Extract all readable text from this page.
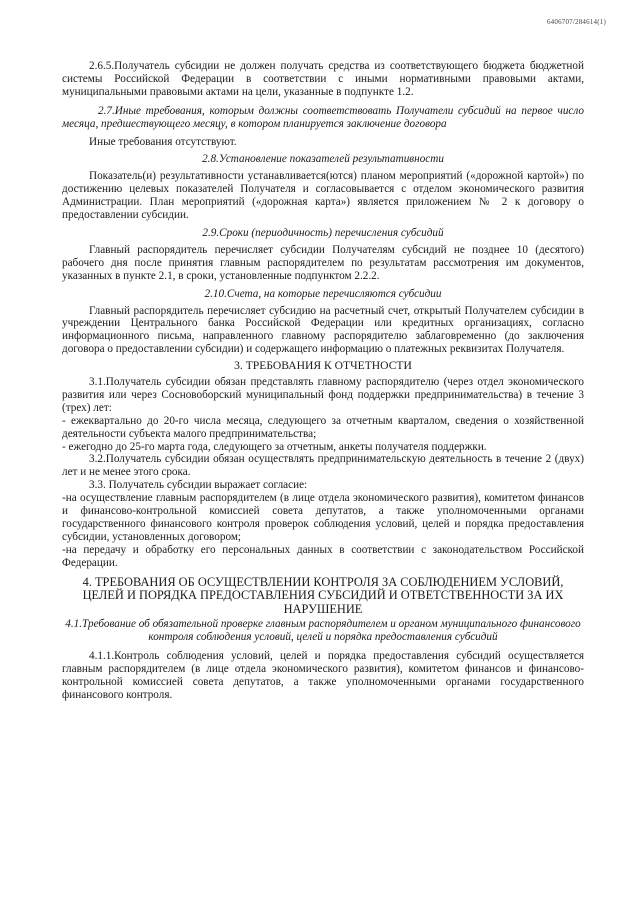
6406707/284614(1)

2.6.5.Получатель субсидии не должен получать средства из соответствующего бюджета бюджетной системы Российской Федерации в соответствии с иными нормативными правовыми актами, муниципальными правовыми актами на цели, указанные в подпункте 1.2.

2.7.Иные требования, которым должны соответствовать Получатели субсидий на первое число месяца, предшествующего месяцу, в котором планируется заключение договора

Иные требования отсутствуют.

2.8.Установление показателей результативности

Показатель(и) результативности устанавливается(ются) планом мероприятий («дорожной картой») по достижению целевых показателей Получателя и согласовывается с отделом экономического развития Администрации. План мероприятий («дорожная карта») является приложением № 2 к договору о предоставлении субсидии.

2.9.Сроки (периодичность) перечисления субсидий

Главный распорядитель перечисляет субсидии Получателям субсидий не позднее 10 (десятого) рабочего дня после принятия главным распорядителем по результатам рассмотрения им документов, указанных в пункте 2.1, в сроки, установленные подпунктом 2.2.2.

2.10.Счета, на которые перечисляются субсидии

Главный распорядитель перечисляет субсидию на расчетный счет, открытый Получателем субсидии в учреждении Центрального банка Российской Федерации или кредитных организациях, согласно информационного письма, направленного главному распорядителю заблаговременно (до заключения договора о предоставлении субсидии) и содержащего информацию о платежных реквизитах Получателя.

3. ТРЕБОВАНИЯ К ОТЧЕТНОСТИ

3.1.Получатель субсидии обязан представлять главному распорядителю (через отдел экономического развития или через Сосновоборский муниципальный фонд поддержки предпринимательства) в течение 3 (трех) лет:

- ежеквартально до 20-го числа месяца, следующего за отчетным кварталом, сведения о хозяйственной деятельности субъекта малого предпринимательства;

- ежегодно до 25-го марта года, следующего за отчетным, анкеты получателя поддержки.

3.2.Получатель субсидии обязан осуществлять предпринимательскую деятельность в течение 2 (двух) лет и не менее этого срока.

3.3. Получатель субсидии выражает согласие:

-на осуществление главным распорядителем (в лице отдела экономического развития), комитетом финансов и финансово-контрольной комиссией совета депутатов, а также уполномоченными органами государственного финансового контроля проверок соблюдения условий, целей и порядка предоставления субсидии, установленных договором;

-на передачу и обработку его персональных данных в соответствии с законодательством Российской Федерации.

4. ТРЕБОВАНИЯ ОБ ОСУЩЕСТВЛЕНИИ КОНТРОЛЯ ЗА СОБЛЮДЕНИЕМ УСЛОВИЙ, ЦЕЛЕЙ И ПОРЯДКА ПРЕДОСТАВЛЕНИЯ СУБСИДИЙ И ОТВЕТСТВЕННОСТИ ЗА ИХ НАРУШЕНИЕ

4.1.Требование об обязательной проверке главным распорядителем и органом муниципального финансового контроля соблюдения условий, целей и порядка предоставления субсидий

4.1.1.Контроль соблюдения условий, целей и порядка предоставления субсидий осуществляется главным распорядителем (в лице отдела экономического развития), комитетом финансов и финансово-контрольной комиссией совета депутатов, а также уполномоченными органами государственного финансового контроля.
